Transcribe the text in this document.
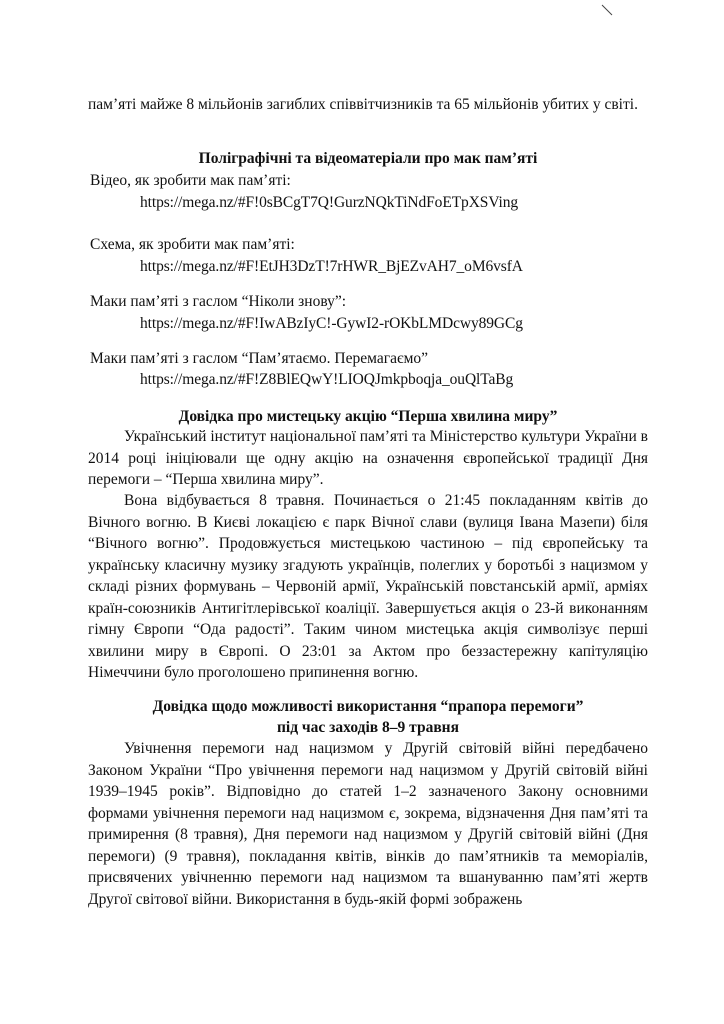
пам’яті майже 8 мільйонів загиблих співвітчизників та 65 мільйонів убитих у світі.
Поліграфічні та відеоматеріали про мак пам’яті
Відео, як зробити мак пам’яті:
https://mega.nz/#F!0sBCgT7Q!GurzNQkTiNdFoETpXSVing
Схема, як зробити мак пам’яті:
https://mega.nz/#F!EtJH3DzT!7rHWR_BjEZvAH7_oM6vsfA
Маки пам’яті з гаслом “Ніколи знову”:
https://mega.nz/#F!IwABzIyC!-GywI2-rOKbLMDcwy89GCg
Маки пам’яті з гаслом “Пам’ятаємо. Перемагаємо”
https://mega.nz/#F!Z8BlEQwY!LIOQJmkpboqja_ouQlTaBg
Довідка про мистецьку акцію “Перша хвилина миру”
Український інститут національної пам’яті та Міністерство культури України в 2014 році ініціювали ще одну акцію на означення європейської традиції Дня перемоги – “Перша хвилина миру”.
Вона відбувається 8 травня. Починається о 21:45 покладанням квітів до Вічного вогню. В Києві локацією є парк Вічної слави (вулиця Івана Мазепи) біля “Вічного вогню”. Продовжується мистецькою частиною – під європейську та українську класичну музику згадують українців, полеглих у боротьбі з нацизмом у складі різних формувань – Червоній армії, Українській повстанській армії, арміях країн-союзників Антигітлерівської коаліції. Завершується акція о 23-й виконанням гімну Європи “Ода радості”. Таким чином мистецька акція символізує перші хвилини миру в Європі. О 23:01 за Актом про беззастережну капітуляцію Німеччини було проголошено припинення вогню.
Довідка щодо можливості використання “прапора перемоги”
під час заходів 8–9 травня
Увічнення перемоги над нацизмом у Другій світовій війні передбачено Законом України “Про увічнення перемоги над нацизмом у Другій світовій війні 1939–1945 років”. Відповідно до статей 1–2 зазначеного Закону основними формами увічнення перемоги над нацизмом є, зокрема, відзначення Дня пам’яті та примирення (8 травня), Дня перемоги над нацизмом у Другій світовій війні (Дня перемоги) (9 травня), покладання квітів, вінків до пам’ятників та меморіалів, присвячених увічненню перемоги над нацизмом та вшануванню пам’яті жертв Другої світової війни. Використання в будь-якій формі зображень
